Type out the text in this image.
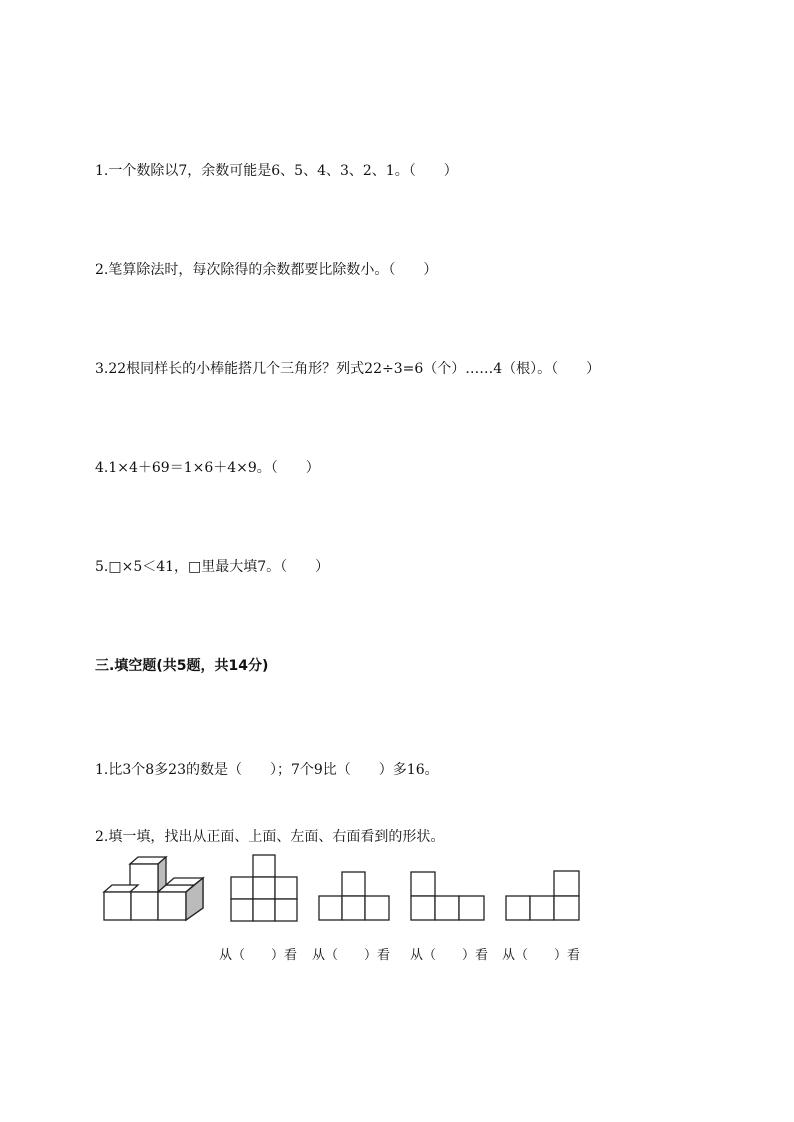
1.一个数除以7，余数可能是6、5、4、3、2、1。（　　）
2.笔算除法时，每次除得的余数都要比除数小。（　　）
3.22根同样长的小棒能搭几个三角形？列式22÷3=6（个）……4（根）。（　　）
4.1×4＋69＝1×6＋4×9。（　　）
5.□×5＜41，□里最大填7。（　　）
三.填空题(共5题，共14分)
1.比3个8多23的数是（　　）；7个9比（　　）多16。
2.填一填，找出从正面、上面、左面、右面看到的形状。
从（　　）看 从（　　）看 从（　　）看 从（　　）看
